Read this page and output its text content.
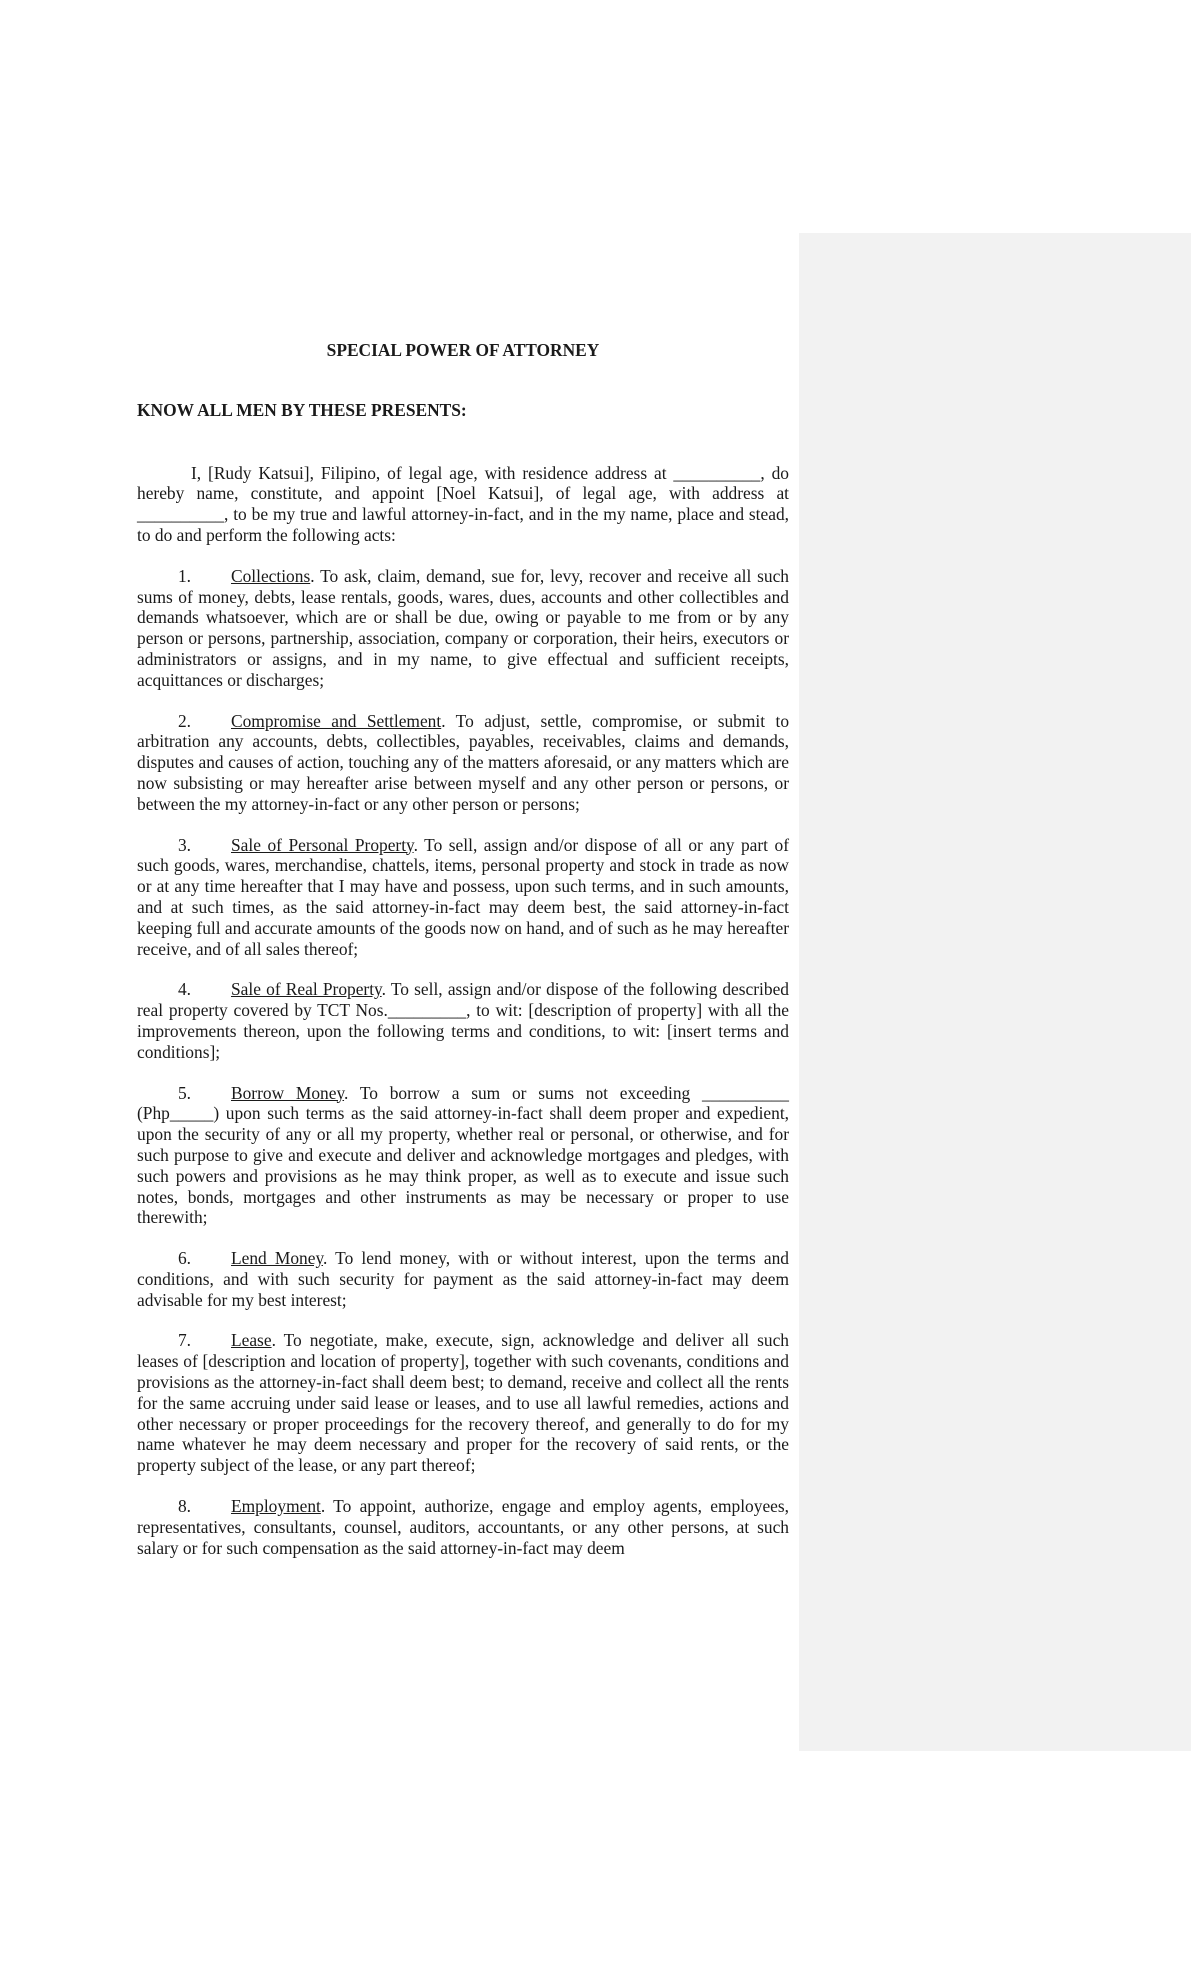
SPECIAL POWER OF ATTORNEY

KNOW ALL MEN BY THESE PRESENTS:

I, [Rudy Katsui], Filipino, of legal age, with residence address at __________, do hereby name, constitute, and appoint [Noel Katsui], of legal age, with address at __________, to be my true and lawful attorney-in-fact, and in the my name, place and stead, to do and perform the following acts:

1. Collections. To ask, claim, demand, sue for, levy, recover and receive all such sums of money, debts, lease rentals, goods, wares, dues, accounts and other collectibles and demands whatsoever, which are or shall be due, owing or payable to me from or by any person or persons, partnership, association, company or corporation, their heirs, executors or administrators or assigns, and in my name, to give effectual and sufficient receipts, acquittances or discharges;

2. Compromise and Settlement. To adjust, settle, compromise, or submit to arbitration any accounts, debts, collectibles, payables, receivables, claims and demands, disputes and causes of action, touching any of the matters aforesaid, or any matters which are now subsisting or may hereafter arise between myself and any other person or persons, or between the my attorney-in-fact or any other person or persons;

3. Sale of Personal Property. To sell, assign and/or dispose of all or any part of such goods, wares, merchandise, chattels, items, personal property and stock in trade as now or at any time hereafter that I may have and possess, upon such terms, and in such amounts, and at such times, as the said attorney-in-fact may deem best, the said attorney-in-fact keeping full and accurate amounts of the goods now on hand, and of such as he may hereafter receive, and of all sales thereof;

4. Sale of Real Property. To sell, assign and/or dispose of the following described real property covered by TCT Nos._________, to wit: [description of property] with all the improvements thereon, upon the following terms and conditions, to wit: [insert terms and conditions];

5. Borrow Money. To borrow a sum or sums not exceeding __________ (Php_____) upon such terms as the said attorney-in-fact shall deem proper and expedient, upon the security of any or all my property, whether real or personal, or otherwise, and for such purpose to give and execute and deliver and acknowledge mortgages and pledges, with such powers and provisions as he may think proper, as well as to execute and issue such notes, bonds, mortgages and other instruments as may be necessary or proper to use therewith;

6. Lend Money. To lend money, with or without interest, upon the terms and conditions, and with such security for payment as the said attorney-in-fact may deem advisable for my best interest;

7. Lease. To negotiate, make, execute, sign, acknowledge and deliver all such leases of [description and location of property], together with such covenants, conditions and provisions as the attorney-in-fact shall deem best; to demand, receive and collect all the rents for the same accruing under said lease or leases, and to use all lawful remedies, actions and other necessary or proper proceedings for the recovery thereof, and generally to do for my name whatever he may deem necessary and proper for the recovery of said rents, or the property subject of the lease, or any part thereof;

8. Employment. To appoint, authorize, engage and employ agents, employees, representatives, consultants, counsel, auditors, accountants, or any other persons, at such salary or for such compensation as the said attorney-in-fact may deem
